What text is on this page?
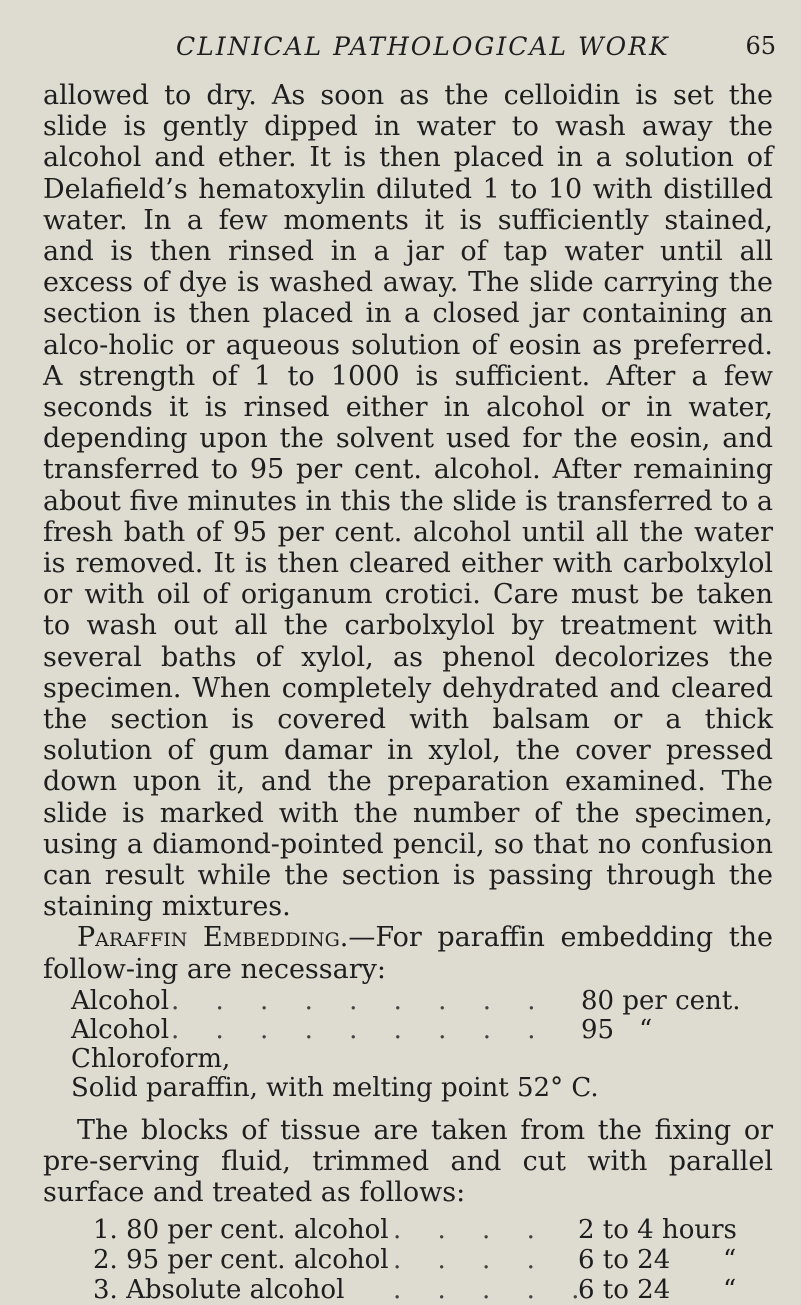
CLINICAL PATHOLOGICAL WORK	65

allowed to dry. As soon as the celloidin is set the slide is gently dipped in water to wash away the alcohol and ether. It is then placed in a solution of Delafield’s hematoxylin diluted 1 to 10 with distilled water. In a few moments it is sufficiently stained, and is then rinsed in a jar of tap water until all excess of dye is washed away. The slide carrying the section is then placed in a closed jar containing an alco-holic or aqueous solution of eosin as preferred. A strength of 1 to 1000 is sufficient. After a few seconds it is rinsed either in alcohol or in water, depending upon the solvent used for the eosin, and transferred to 95 per cent. alcohol. After remaining about five minutes in this the slide is transferred to a fresh bath of 95 per cent. alcohol until all the water is removed. It is then cleared either with carbolxylol or with oil of origanum crotici. Care must be taken to wash out all the carbolxylol by treatment with several baths of xylol, as phenol decolorizes the specimen. When completely dehydrated and cleared the section is covered with balsam or a thick solution of gum damar in xylol, the cover pressed down upon it, and the preparation examined. The slide is marked with the number of the specimen, using a diamond-pointed pencil, so that no confusion can result while the section is passing through the staining mixtures.

Paraffin Embedding.—For paraffin embedding the follow-ing are necessary:

Alcohol . . . . . . . . . 80 per cent.
Alcohol . . . . . . . . . 95 “
Chloroform,
Solid paraffin, with melting point 52° C.

The blocks of tissue are taken from the fixing or pre-serving fluid, trimmed and cut with parallel surface and treated as follows:

1. 80 per cent. alcohol . . . . 2 to 4 hours
2. 95 per cent. alcohol . . . . 6 to 24 “
3. Absolute alcohol . . . . .
6 to 24 “
